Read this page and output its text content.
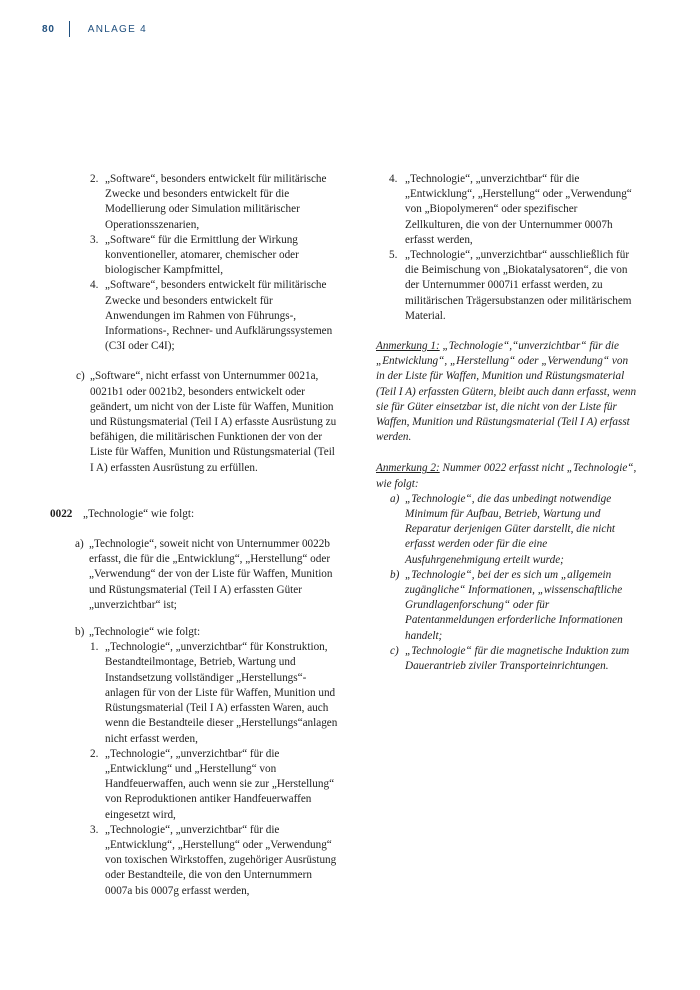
80	ANLAGE 4
2. „Software“, besonders entwickelt für militärische Zwecke und besonders entwickelt für die Modellierung oder Simulation militärischer Operationsszenarien,
3. „Software“ für die Ermittlung der Wirkung konventioneller, atomarer, chemischer oder biologischer Kampfmittel,
4. „Software“, besonders entwickelt für militärische Zwecke und besonders entwickelt für Anwendungen im Rahmen von Führungs-, Informations-, Rechner- und Aufklärungssystemen (C3I oder C4I);
c) „Software“, nicht erfasst von Unternummer 0021a, 0021b1 oder 0021b2, besonders entwickelt oder geändert, um nicht von der Liste für Waffen, Munition und Rüstungsmaterial (Teil I A) erfasste Ausrüstung zu befähigen, die militärischen Funktionen der von der Liste für Waffen, Munition und Rüstungsmaterial (Teil I A) erfassten Ausrüstung zu erfüllen.
0022 „Technologie“ wie folgt:
a) „Technologie“, soweit nicht von Unternummer 0022b erfasst, die für die „Entwicklung“, „Herstellung“ oder „Verwendung“ der von der Liste für Waffen, Munition und Rüstungsmaterial (Teil I A) erfassten Güter „unverzichtbar“ ist;
b) „Technologie“ wie folgt:
1. „Technologie“, „unverzichtbar“ für Konstruktion, Bestandteilmontage, Betrieb, Wartung und Instandsetzung vollständiger „Herstellungs“-anlagen für von der Liste für Waffen, Munition und Rüstungsmaterial (Teil I A) erfassten Waren, auch wenn die Bestandteile dieser „Herstellungs“anlagen nicht erfasst werden,
2. „Technologie“, „unverzichtbar“ für die „Entwicklung“ und „Herstellung“ von Handfeuerwaffen, auch wenn sie zur „Herstellung“ von Reproduktionen antiker Handfeuerwaffen eingesetzt wird,
3. „Technologie“, „unverzichtbar“ für die „Entwicklung“, „Herstellung“ oder „Verwendung“ von toxischen Wirkstoffen, zugehöriger Ausrüstung oder Bestandteile, die von den Unternummern 0007a bis 0007g erfasst werden,
4. „Technologie“, „unverzichtbar“ für die „Entwicklung“, „Herstellung“ oder „Verwendung“ von „Biopolymeren“ oder spezifischer Zellkulturen, die von der Unternummer 0007h erfasst werden,
5. „Technologie“, „unverzichtbar“ ausschließlich für die Beimischung von „Biokatalysatoren“, die von der Unternummer 0007i1 erfasst werden, zu militärischen Trägersubstanzen oder militärischem Material.
Anmerkung 1: „Technologie“,“unverzichtbar“ für die „Entwicklung“, „Herstellung“ oder „Verwendung“ von in der Liste für Waffen, Munition und Rüstungsmaterial (Teil I A) erfassten Gütern, bleibt auch dann erfasst, wenn sie für Güter einsetzbar ist, die nicht von der Liste für Waffen, Munition und Rüstungsmaterial (Teil I A) erfasst werden.
Anmerkung 2: Nummer 0022 erfasst nicht „Technologie“, wie folgt:
a) „Technologie“, die das unbedingt notwendige Minimum für Aufbau, Betrieb, Wartung und Reparatur derjenigen Güter darstellt, die nicht erfasst werden oder für die eine Ausfuhrgenehmigung erteilt wurde;
b) „Technologie“, bei der es sich um „allgemein zugängliche“ Informationen, „wissenschaftliche Grundlagenforschung“ oder für Patentanmeldungen erforderliche Informationen handelt;
c) „Technologie“ für die magnetische Induktion zum Dauerantrieb ziviler Transporteinrichtungen.
